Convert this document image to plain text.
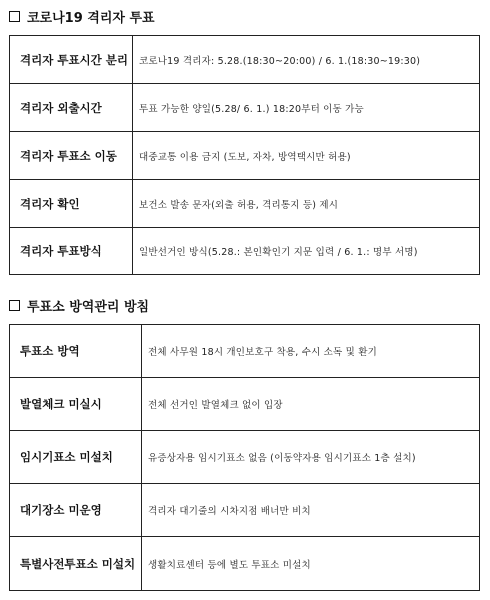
코로나19 격리자 투표
격리자 투표시간 분리	코로나19 격리자: 5.28.(18:30~20:00) / 6. 1.(18:30~19:30)
격리자 외출시간	투표 가능한 양일(5.28/ 6. 1.) 18:20부터 이동 가능
격리자 투표소 이동	대중교통 이용 금지 (도보, 자차, 방역택시만 허용)
격리자 확인	보건소 발송 문자(외출 허용, 격리통지 등) 제시
격리자 투표방식	일반선거인 방식(5.28.: 본인확인기 지문 입력 / 6. 1.: 명부 서명)
투표소 방역관리 방침
투표소 방역	전체 사무원 18시 개인보호구 착용, 수시 소독 및 환기
발열체크 미실시	전체 선거인 발열체크 없이 입장
임시기표소 미설치	유증상자용 임시기표소 없음 (이동약자용 임시기표소 1층 설치)
대기장소 미운영	격리자 대기줄의 시차지점 배너만 비치
특별사전투표소 미설치	생활치료센터 등에 별도 투표소 미설치
